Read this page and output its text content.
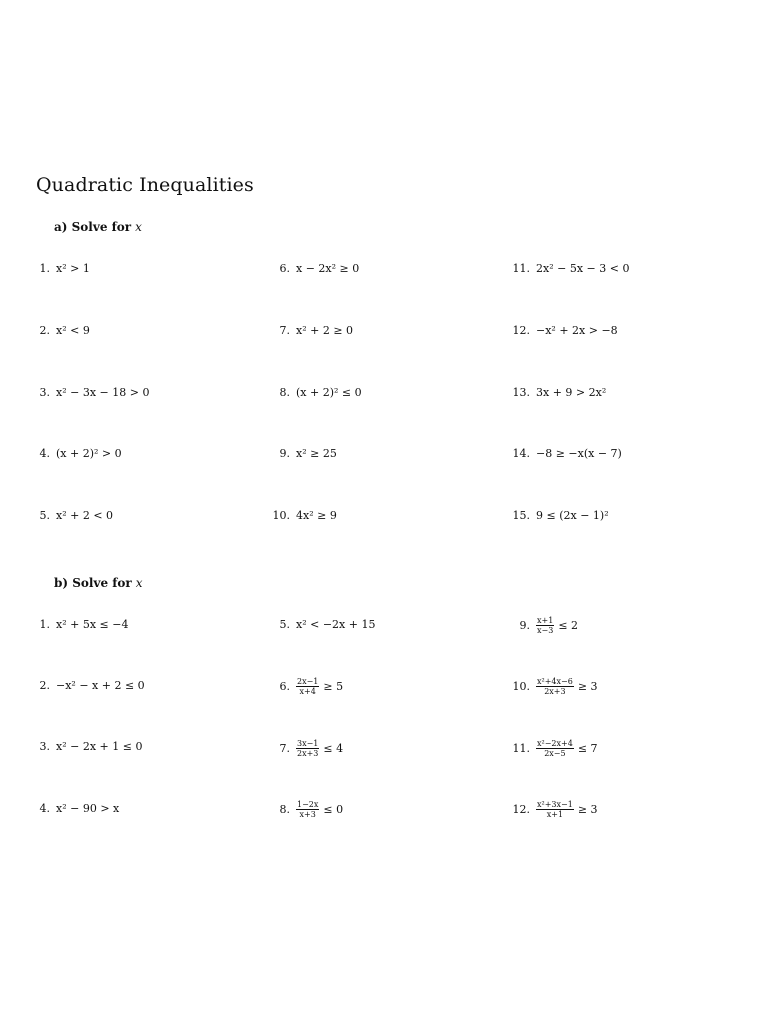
Quadratic Inequalities
a) Solve for x
1. x² > 1
2. x² < 9
3. x² − 3x − 18 > 0
4. (x + 2)² > 0
5. x² + 2 < 0
6. x − 2x² ≥ 0
7. x² + 2 ≥ 0
8. (x + 2)² ≤ 0
9. x² ≥ 25
10. 4x² ≥ 9
11. 2x² − 5x − 3 < 0
12. −x² + 2x > −8
13. 3x + 9 > 2x²
14. −8 ≥ −x(x − 7)
15. 9 ≤ (2x − 1)²
b) Solve for x
1. x² + 5x ≤ −4
2. −x² − x + 2 ≤ 0
3. x² − 2x + 1 ≤ 0
4. x² − 90 > x
5. x² < −2x + 15
6. $\frac{2x-1}{x+4} \ge 5$
7. $\frac{3x-1}{2x+3} \le 4$
8. $\frac{1-2x}{x+3} \le 0$
9. $\frac{x+1}{x-3} \le 2$
10. $\frac{\text{x²+4x−6}}{2x+3} \ge 3$
11. $\frac{\text{x²−2x+4}}{2x-5} \le 7$
12. $\frac{\text{x²+3x−1}}{x+1} \ge 3$
